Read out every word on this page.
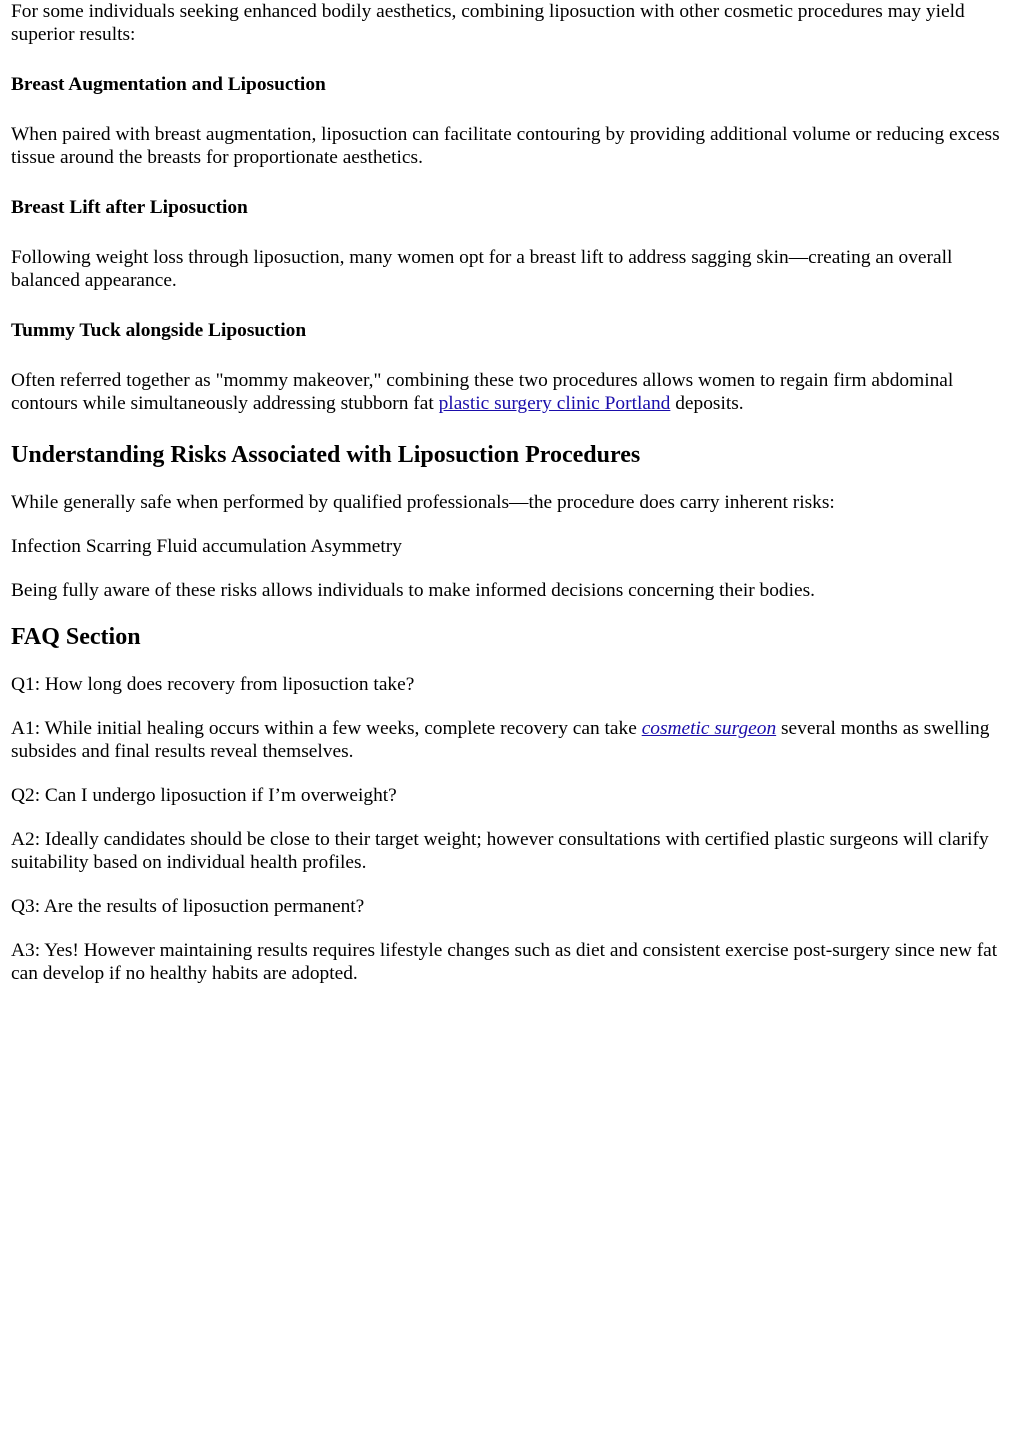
For some individuals seeking enhanced bodily aesthetics, combining liposuction with other cosmetic procedures may yield superior results:

Breast Augmentation and Liposuction

When paired with breast augmentation, liposuction can facilitate contouring by providing additional volume or reducing excess tissue around the breasts for proportionate aesthetics.

Breast Lift after Liposuction

Following weight loss through liposuction, many women opt for a breast lift to address sagging skin—creating an overall balanced appearance.

Tummy Tuck alongside Liposuction

Often referred together as "mommy makeover," combining these two procedures allows women to regain firm abdominal contours while simultaneously addressing stubborn fat plastic surgery clinic Portland deposits.

Understanding Risks Associated with Liposuction Procedures

While generally safe when performed by qualified professionals—the procedure does carry inherent risks:

Infection Scarring Fluid accumulation Asymmetry

Being fully aware of these risks allows individuals to make informed decisions concerning their bodies.

FAQ Section

Q1: How long does recovery from liposuction take?

A1: While initial healing occurs within a few weeks, complete recovery can take cosmetic surgeon several months as swelling subsides and final results reveal themselves.

Q2: Can I undergo liposuction if I’m overweight?

A2: Ideally candidates should be close to their target weight; however consultations with certified plastic surgeons will clarify suitability based on individual health profiles.

Q3: Are the results of liposuction permanent?

A3: Yes! However maintaining results requires lifestyle changes such as diet and consistent exercise post-surgery since new fat can develop if no healthy habits are adopted.
